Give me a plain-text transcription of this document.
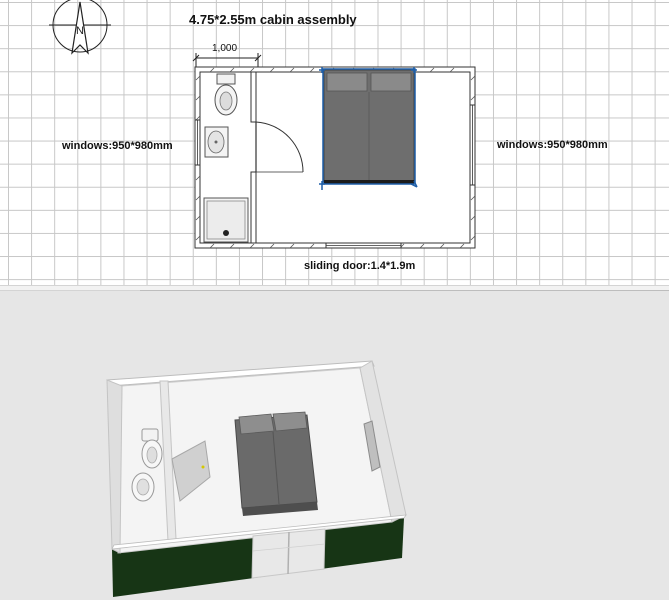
N
4.75*2.55m cabin assembly
1,000
windows:950*980mm	windows:950*980mm
sliding door:1.4*1.9m
